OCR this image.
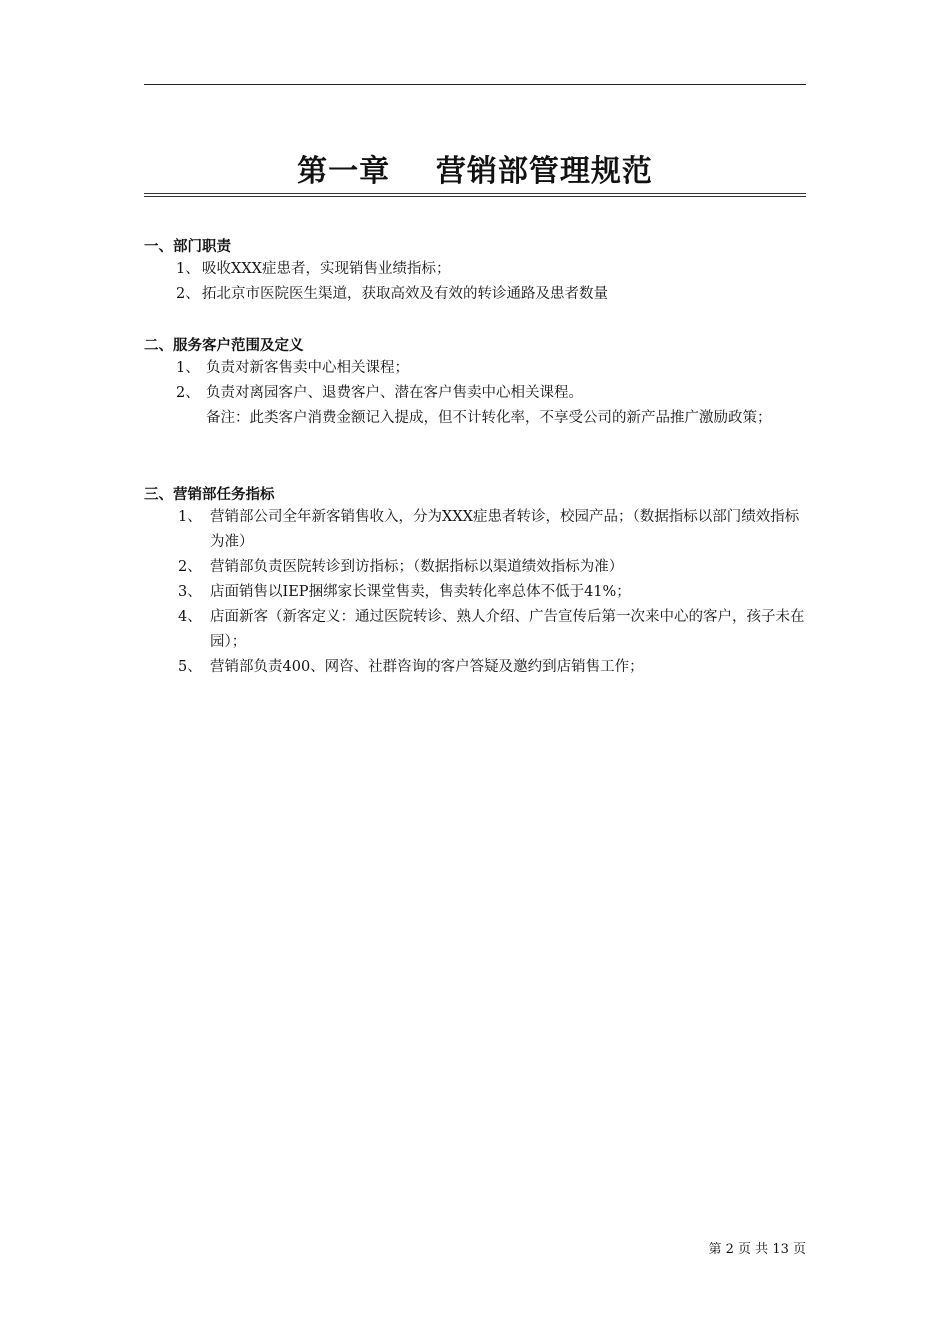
第一章    营销部管理规范
一、部门职责
1、 吸收XXX症患者，实现销售业绩指标；
2、 拓北京市医院医生渠道，获取高效及有效的转诊通路及患者数量
二、服务客户范围及定义
1、 负责对新客售卖中心相关课程；
2、 负责对离园客户、退费客户、潜在客户售卖中心相关课程。
备注：此类客户消费金额记入提成，但不计转化率，不享受公司的新产品推广激励政策；
三、营销部任务指标
1、 营销部公司全年新客销售收入，分为XXX症患者转诊，校园产品；（数据指标以部门绩效指标为准）
2、 营销部负责医院转诊到访指标；（数据指标以渠道绩效指标为准）
3、 店面销售以IEP捆绑家长课堂售卖，售卖转化率总体不低于41%；
4、 店面新客（新客定义：通过医院转诊、熟人介绍、广告宣传后第一次来中心的客户，孩子未在园）；
5、 营销部负责400、网咨、社群咨询的客户答疑及邀约到店销售工作；
第 2 页 共 13 页
